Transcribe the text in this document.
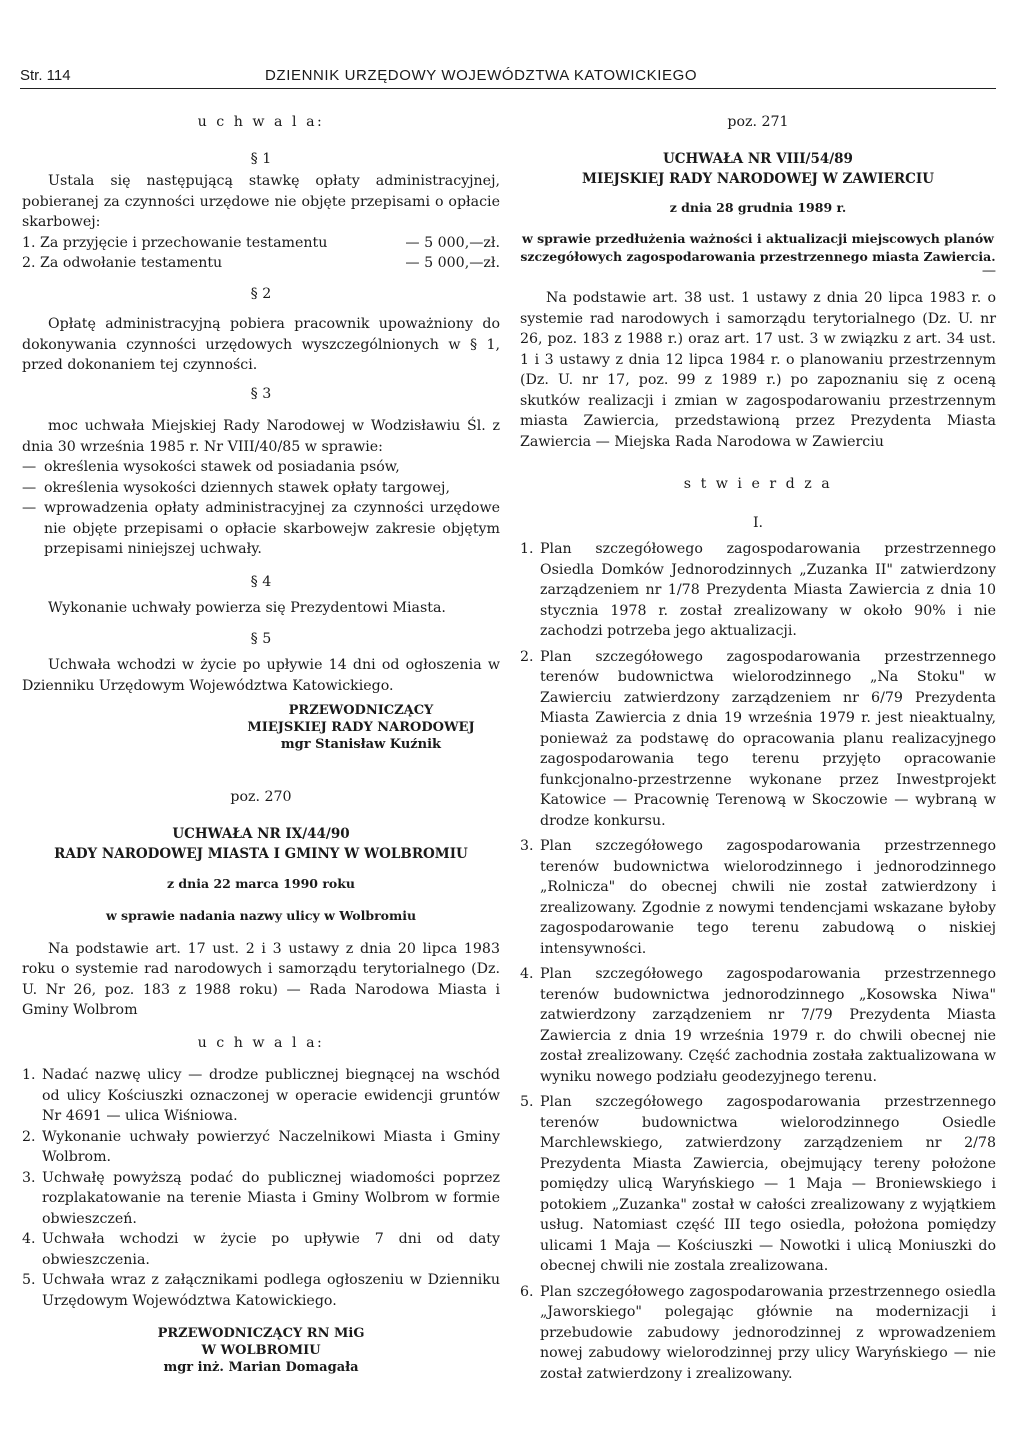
Str. 114	DZIENNIK URZĘDOWY WOJEWÓDZTWA KATOWICKIEGO

u c h w a l a:

§ 1

Ustala się następującą stawkę opłaty administracyjnej, pobieranej za czynności urzędowe nie objęte przepisami o opłacie skarbowej:

1. Za przyjęcie i przechowanie testamentu	— 5 000,—zł.
2. Za odwołanie testamentu	— 5 000,—zł.

§ 2

Opłatę administracyjną pobiera pracownik upoważniony do dokonywania czynności urzędowych wyszczególnionych w § 1, przed dokonaniem tej czynności.

§ 3

moc uchwała Miejskiej Rady Narodowej w Wodzisławiu Śl. z dnia 30 września 1985 r. Nr VIII/40/85 w sprawie:

— określenia wysokości stawek od posiadania psów,
— określenia wysokości dziennych stawek opłaty targowej,
— wprowadzenia opłaty administracyjnej za czynności urzędowe nie objęte przepisami o opłacie skarbowejw zakresie objętym przepisami niniejszej uchwały.

§ 4

Wykonanie uchwały powierza się Prezydentowi Miasta.

§ 5

Uchwała wchodzi w życie po upływie 14 dni od ogłoszenia w Dzienniku Urzędowym Województwa Katowickiego.

PRZEWODNICZĄCY

MIEJSKIEJ RADY NARODOWEJ

mgr Stanisław Kuźnik

poz. 270

UCHWAŁA NR IX/44/90

RADY NARODOWEJ MIASTA I GMINY W WOLBROMIU

z dnia 22 marca 1990 roku

w sprawie nadania nazwy ulicy w Wolbromiu

Na podstawie art. 17 ust. 2 i 3 ustawy z dnia 20 lipca 1983 roku o systemie rad narodowych i samorządu terytorialnego (Dz. U. Nr 26, poz. 183 z 1988 roku) — Rada Narodowa Miasta i Gminy Wolbrom

u c h w a l a:

1. Nadać nazwę ulicy — drodze publicznej biegnącej na wschód od ulicy Kościuszki oznaczonej w operacie ewidencji gruntów Nr 4691 — ulica Wiśniowa.
2. Wykonanie uchwały powierzyć Naczelnikowi Miasta i Gminy Wolbrom.
3. Uchwałę powyższą podać do publicznej wiadomości poprzez rozplakatowanie na terenie Miasta i Gminy Wolbrom w formie obwieszczeń.
4. Uchwała wchodzi w życie po upływie 7 dni od daty obwieszczenia.
5. Uchwała wraz z załącznikami podlega ogłoszeniu w Dzienniku Urzędowym Województwa Katowickiego.

PRZEWODNICZĄCY RN MiG

W WOLBROMIU

mgr inż. Marian Domagała

poz. 271

UCHWAŁA NR VIII/54/89

MIEJSKIEJ RADY NARODOWEJ W ZAWIERCIU

z dnia 28 grudnia 1989 r.

w sprawie przedłużenia ważności i aktualizacji miejscowych planów szczegółowych zagospodarowania przestrzennego miasta Zawiercia.

—

Na podstawie art. 38 ust. 1 ustawy z dnia 20 lipca 1983 r. o systemie rad narodowych i samorządu terytorialnego (Dz. U. nr 26, poz. 183 z 1988 r.) oraz art. 17 ust. 3 w związku z art. 34 ust. 1 i 3 ustawy z dnia 12 lipca 1984 r. o planowaniu przestrzennym (Dz. U. nr 17, poz. 99 z 1989 r.) po zapoznaniu się z oceną skutków realizacji i zmian w zagospodarowaniu przestrzennym miasta Zawiercia, przedstawioną przez Prezydenta Miasta Zawiercia — Miejska Rada Narodowa w Zawierciu

s t w i e r d z a

I.

1. Plan szczegółowego zagospodarowania przestrzennego Osiedla Domków Jednorodzinnych „Zuzanka II" zatwierdzony zarządzeniem nr 1/78 Prezydenta Miasta Zawiercia z dnia 10 stycznia 1978 r. został zrealizowany w około 90% i nie zachodzi potrzeba jego aktualizacji.
2. Plan szczegółowego zagospodarowania przestrzennego terenów budownictwa wielorodzinnego „Na Stoku" w Zawierciu zatwierdzony zarządzeniem nr 6/79 Prezydenta Miasta Zawiercia z dnia 19 września 1979 r. jest nieaktualny, ponieważ za podstawę do opracowania planu realizacyjnego zagospodarowania tego terenu przyjęto opracowanie funkcjonalno-przestrzenne wykonane przez Inwestprojekt Katowice — Pracownię Terenową w Skoczowie — wybraną w drodze konkursu.
3. Plan szczegółowego zagospodarowania przestrzennego terenów budownictwa wielorodzinnego i jednorodzinnego „Rolnicza" do obecnej chwili nie został zatwierdzony i zrealizowany. Zgodnie z nowymi tendencjami wskazane byłoby zagospodarowanie tego terenu zabudową o niskiej intensywności.
4. Plan szczegółowego zagospodarowania przestrzennego terenów budownictwa jednorodzinnego „Kosowska Niwa" zatwierdzony zarządzeniem nr 7/79 Prezydenta Miasta Zawiercia z dnia 19 września 1979 r. do chwili obecnej nie został zrealizowany. Część zachodnia została zaktualizowana w wyniku nowego podziału geodezyjnego terenu.
5. Plan szczegółowego zagospodarowania przestrzennego terenów budownictwa wielorodzinnego Osiedle Marchlewskiego, zatwierdzony zarządzeniem nr 2/78 Prezydenta Miasta Zawiercia, obejmujący tereny położone pomiędzy ulicą Waryńskiego — 1 Maja — Broniewskiego i potokiem „Zuzanka" został w całości zrealizowany z wyjątkiem usług. Natomiast część III tego osiedla, położona pomiędzy ulicami 1 Maja — Kościuszki — Nowotki i ulicą Moniuszki do obecnej chwili nie zostala zrealizowana.
6. Plan szczegółowego zagospodarowania przestrzennego osiedla „Jaworskiego" polegając głównie na modernizacji i przebudowie zabudowy jednorodzinnej z wprowadzeniem nowej zabudowy wielorodzinnej przy ulicy Waryńskiego — nie został zatwierdzony i zrealizowany.
